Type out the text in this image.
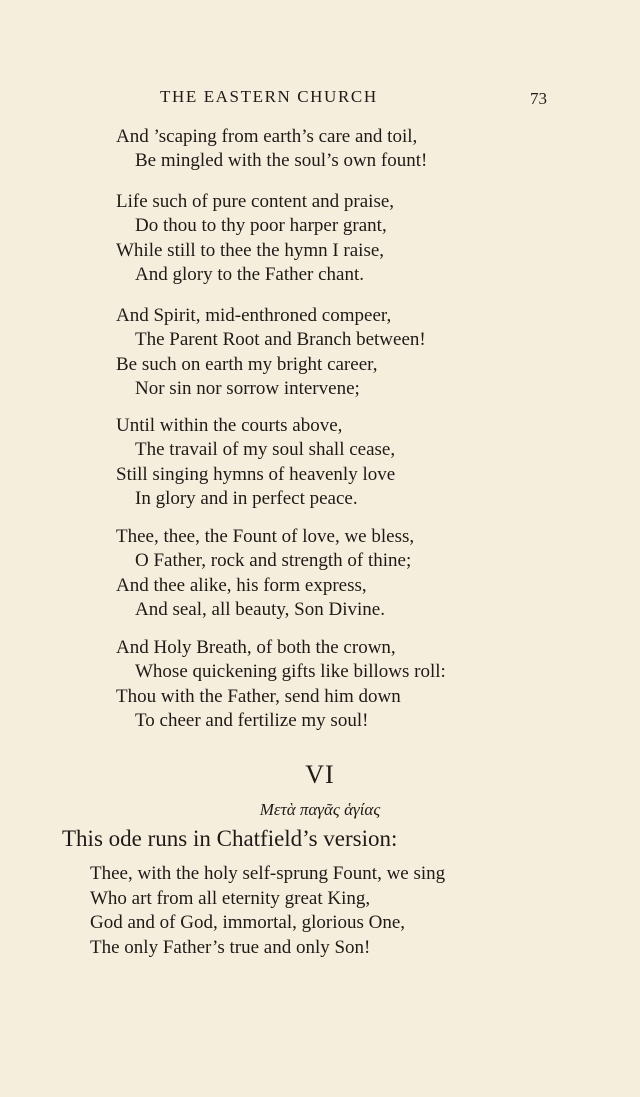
THE EASTERN CHURCH	73
And ’scaping from earth’s care and toil,
Be mingled with the soul’s own fount!
Life such of pure content and praise,
Do thou to thy poor harper grant,
While still to thee the hymn I raise,
And glory to the Father chant.
And Spirit, mid-enthroned compeer,
The Parent Root and Branch between!
Be such on earth my bright career,
Nor sin nor sorrow intervene;
Until within the courts above,
The travail of my soul shall cease,
Still singing hymns of heavenly love
In glory and in perfect peace.
Thee, thee, the Fount of love, we bless,
O Father, rock and strength of thine;
And thee alike, his form express,
And seal, all beauty, Son Divine.
And Holy Breath, of both the crown,
Whose quickening gifts like billows roll:
Thou with the Father, send him down
To cheer and fertilize my soul!
VI
Μετὰ παγᾶς ἁγίας
This ode runs in Chatfield’s version:
Thee, with the holy self-sprung Fount, we sing
Who art from all eternity great King,
God and of God, immortal, glorious One,
The only Father’s true and only Son!
